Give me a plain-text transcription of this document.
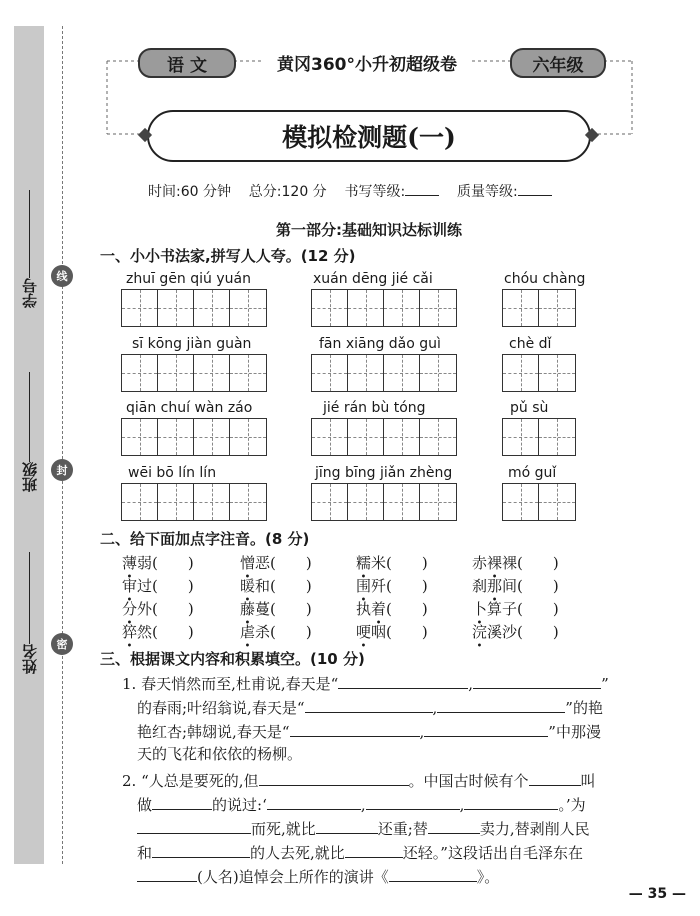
学号
班级
姓名
线
封
密
语 文	黄冈360°小升初超级卷	六年级
模拟检测题(一)
时间:60 分钟 总分:120 分 书写等级:	质量等级:
第一部分:基础知识达标训练
一、小小书法家,拼写人人夸。(12 分)
zhuī gēn qiú yuán	xuán dēng jié cǎi	chóu chàng
sī kōng jiàn guàn	fān xiāng dǎo guì	chè dǐ
qiān chuí wàn záo	jié rán bù tóng	pǔ sù
wēi bō lín lín	jīng bīng jiǎn zhèng	mó guǐ
二、给下面加点字注音。(8 分)
薄弱( )	憎恶( )	糯米( )	赤裸裸( )
审过( )	暖和( )	围歼( )	刹那间( )
分外( )	藤蔓( )	执着( )	卜算子( )
猝然( )	虐杀( )	哽咽( )	浣溪沙( )
三、根据课文内容和积累填空。(10 分)
1. 春天悄然而至,杜甫说,春天是“	,	”
的春雨;叶绍翁说,春天是“	,	”的艳
艳红杏;韩翃说,春天是“	,	”中那漫
天的飞花和依依的杨柳。
2. “人总是要死的,但	。中国古时候有个	叫
做	的说过:‘	,	,	。’为
而死,就比	还重;替	卖力,替剥削人民
和	的人去死,就比	还轻。”这段话出自毛泽东在
(人名)追悼会上所作的演讲《	》。
— 35 —
